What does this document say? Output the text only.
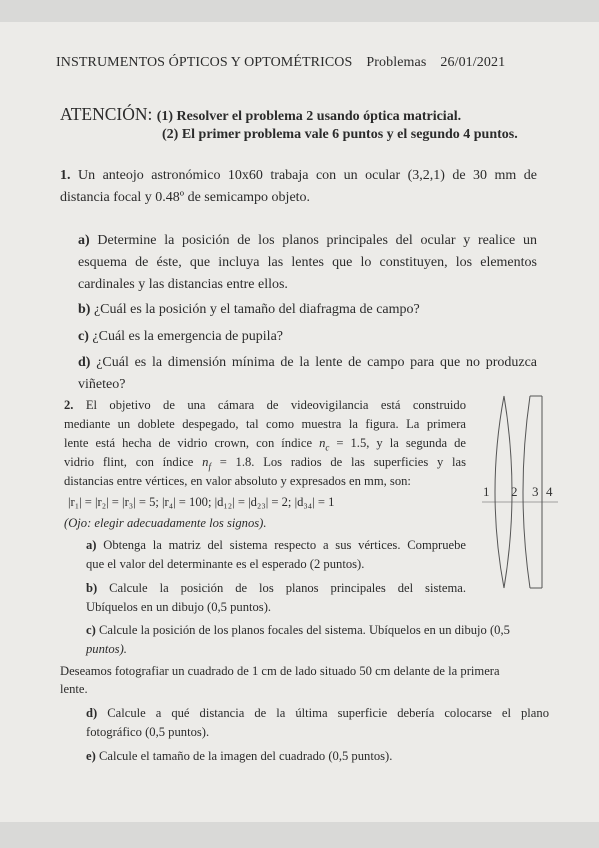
INSTRUMENTOS ÓPTICOS Y OPTOMÉTRICOS Problemas 26/01/2021
ATENCIÓN: (1) Resolver el problema 2 usando óptica matricial.
(2) El primer problema vale 6 puntos y el segundo 4 puntos.
1. Un anteojo astronómico 10x60 trabaja con un ocular (3,2,1) de 30 mm de
distancia focal y 0.48º de semicampo objeto.
a) Determine la posición de los planos principales del ocular y realice un
esquema de éste, que incluya las lentes que lo constituyen, los elementos
cardinales y las distancias entre ellos.
b) ¿Cuál es la posición y el tamaño del diafragma de campo?
c) ¿Cuál es la emergencia de pupila?
d) ¿Cuál es la dimensión mínima de la lente de campo para que no produzca
viñeteo?
2. El objetivo de una cámara de videovigilancia está construido
mediante un doblete despegado, tal como muestra la figura. La primera
lente está hecha de vidrio crown, con índice $n_c = 1.5$, y la segunda de
vidrio flint, con índice $n_f = 1.8$. Los radios de las superficies y las
distancias entre vértices, en valor absoluto y expresados en mm, son:
|r₁| = |r₂| = |r₃| = 5; |r₄| = 100; |d₁₂| = |d₂₃| = 2; |d₃₄| = 1
(Ojo: elegir adecuadamente los signos).
a) Obtenga la matriz del sistema respecto a sus vértices. Compruebe
que el valor del determinante es el esperado (2 puntos).
b) Calcule la posición de los planos principales del sistema.
Ubíquelos en un dibujo (0,5 puntos).
c) Calcule la posición de los planos focales del sistema. Ubíquelos en un dibujo (0,5
puntos).
Deseamos fotografiar un cuadrado de 1 cm de lado situado 50 cm delante de la primera
lente.
d) Calcule a qué distancia de la última superficie debería colocarse el plano
fotográfico (0,5 puntos).
e) Calcule el tamaño de la imagen del cuadrado (0,5 puntos).
1 2 3 4
